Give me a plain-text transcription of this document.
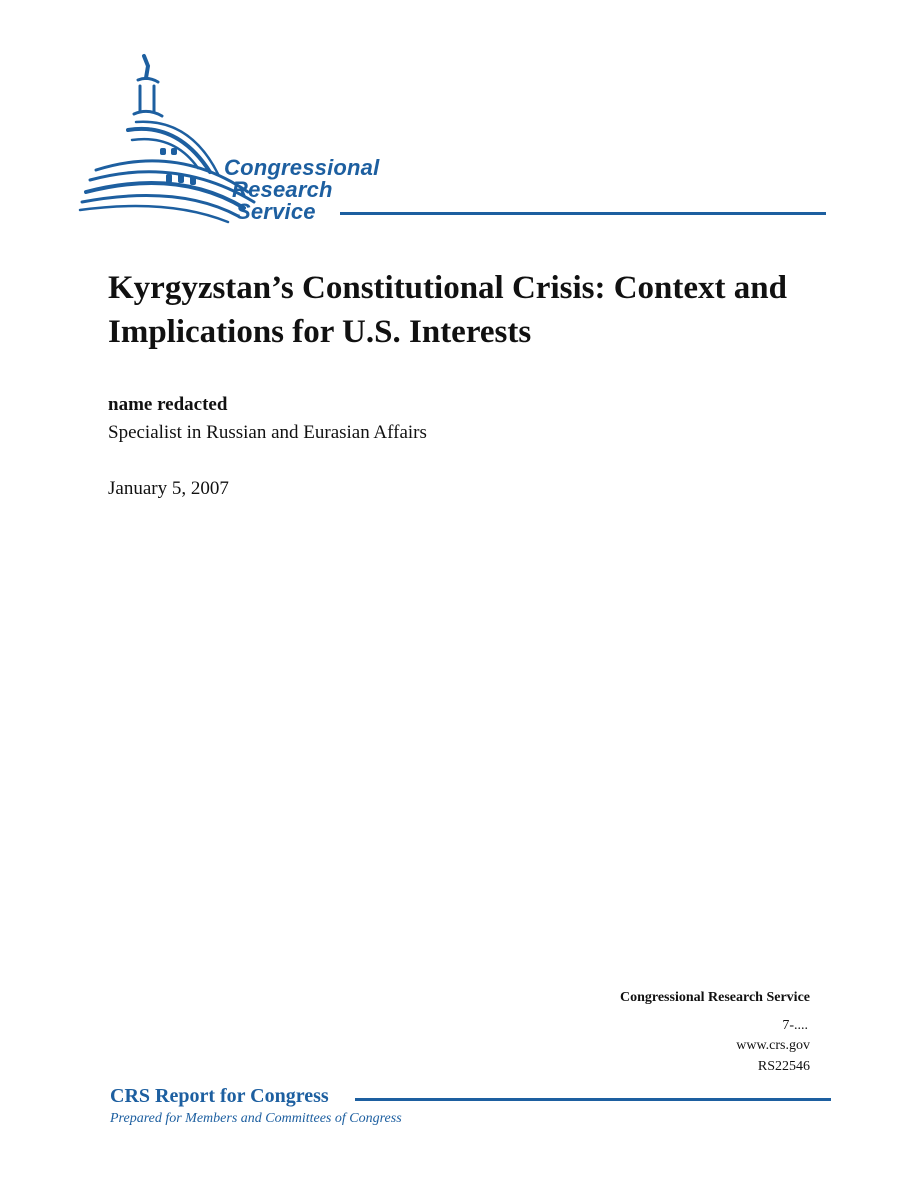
Congressional
Research
Service
Kyrgyzstan’s Constitutional Crisis: Context and Implications for U.S. Interests
name redacted
Specialist in Russian and Eurasian Affairs
January 5, 2007
Congressional Research Service
7-....
www.crs.gov
RS22546
CRS Report for Congress
Prepared for Members and Committees of Congress
